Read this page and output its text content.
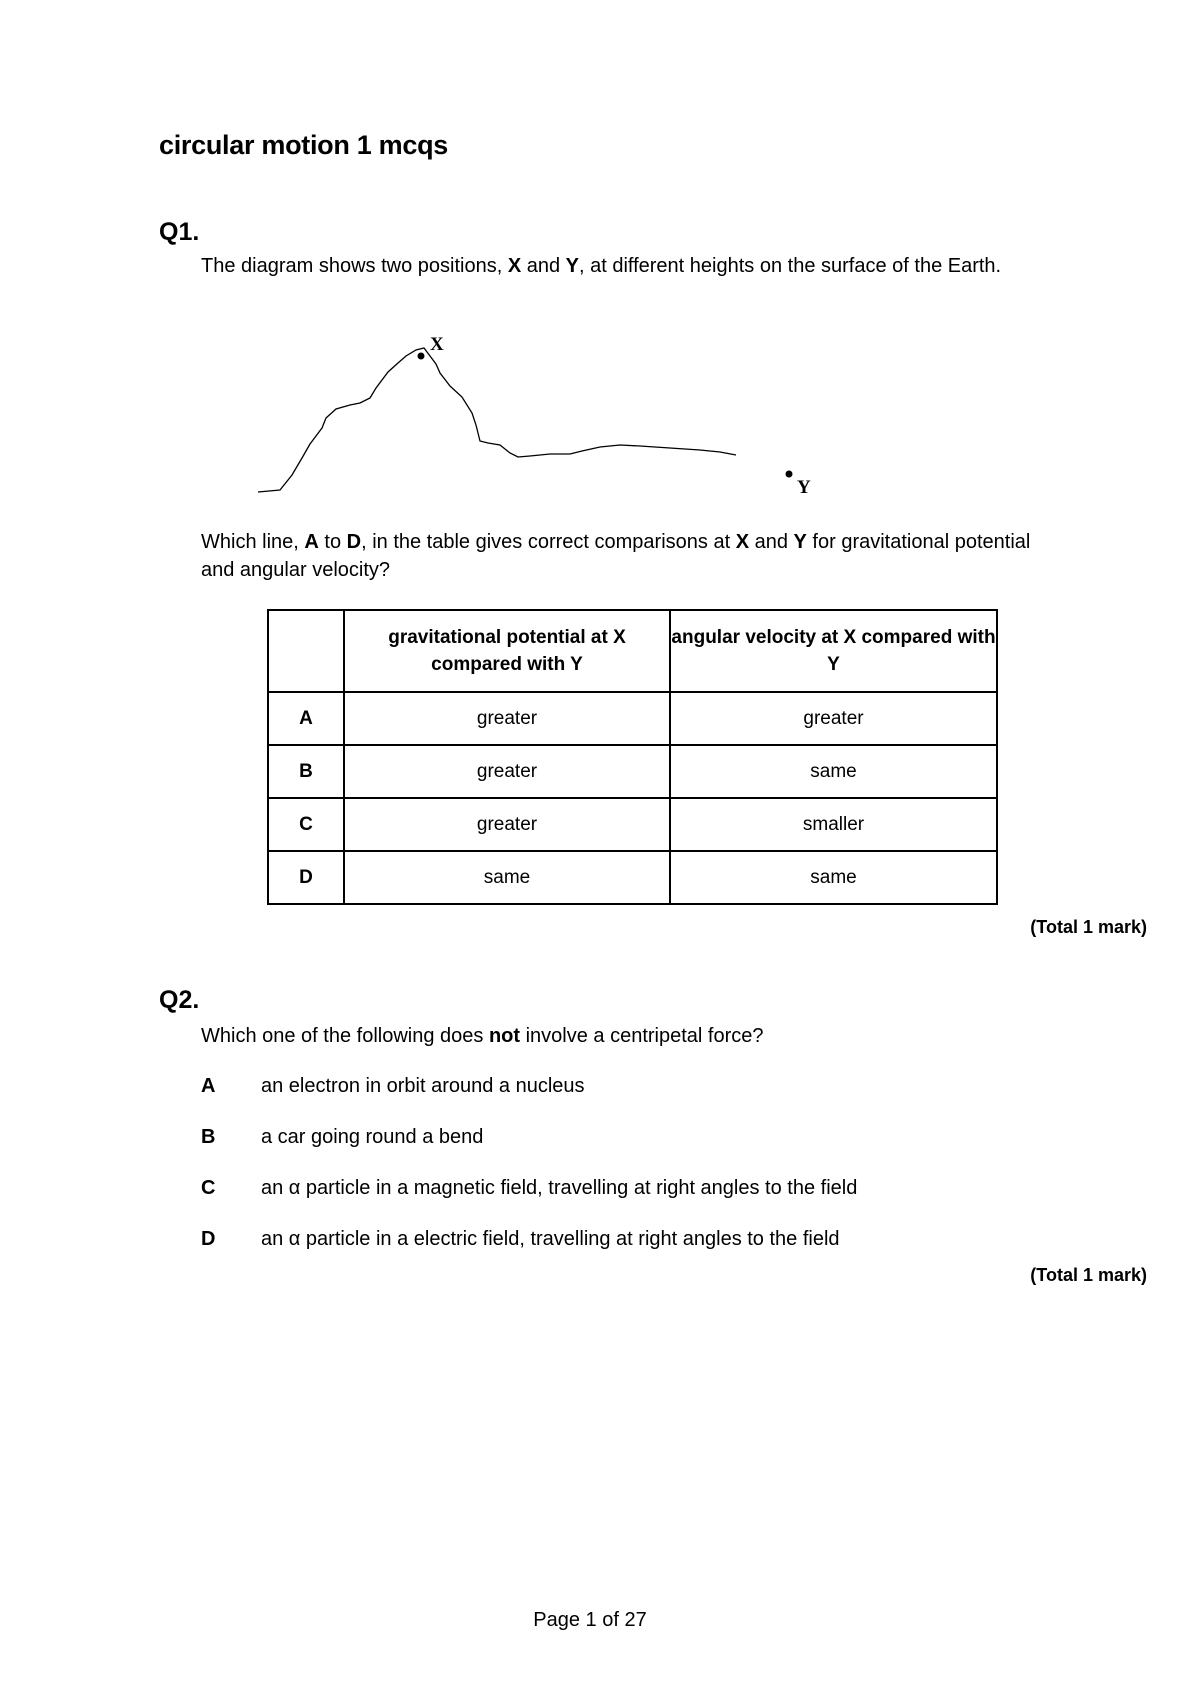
circular motion 1 mcqs
Q1.
The diagram shows two positions, X and Y, at different heights on the surface of the Earth.
X
Y
Which line, A to D, in the table gives correct comparisons at X and Y for gravitational potential and angular velocity?
	gravitational potential at X compared with Y	angular velocity at X compared with Y
A	greater	greater
B	greater	same
C	greater	smaller
D	same	same
(Total 1 mark)
Q2.
Which one of the following does not involve a centripetal force?
A an electron in orbit around a nucleus
B a car going round a bend
C an α particle in a magnetic field, travelling at right angles to the field
D an α particle in a electric field, travelling at right angles to the field
(Total 1 mark)
Page 1 of 27
